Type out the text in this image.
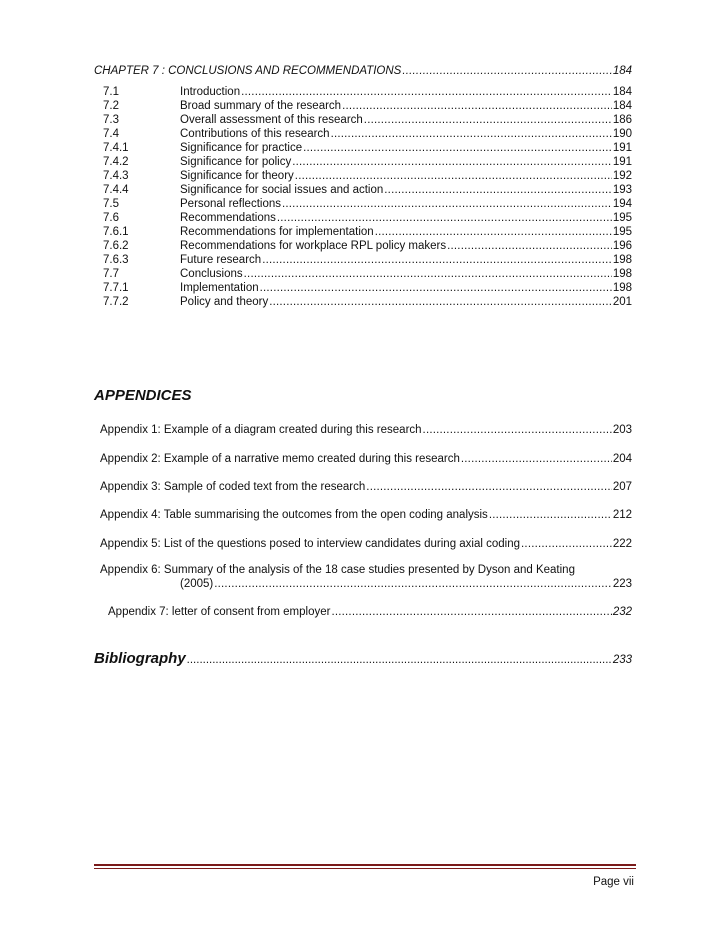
CHAPTER 7 : CONCLUSIONS AND RECOMMENDATIONS .....	184
7.1	Introduction .....	184
7.2	Broad summary of the research .....	184
7.3	Overall assessment of this research .....	186
7.4	Contributions of this research .....	190
7.4.1	Significance for practice .....	191
7.4.2	Significance for policy .....	191
7.4.3	Significance for theory .....	192
7.4.4	Significance for social issues and action .....	193
7.5	Personal reflections .....	194
7.6	Recommendations .....	195
7.6.1	Recommendations for implementation .....	195
7.6.2	Recommendations for workplace RPL policy makers .....	196
7.6.3	Future research .....	198
7.7	Conclusions .....	198
7.7.1	Implementation .....	198
7.7.2	Policy and theory .....	201
APPENDICES
Appendix 1: Example of a diagram created during this research .....	203
Appendix 2: Example of a narrative memo created during this research .....	204
Appendix 3: Sample of coded text from the research .....	207
Appendix 4: Table summarising the outcomes from the open coding analysis .....	212
Appendix 5: List of the questions posed to interview candidates during axial coding .....	222
Appendix 6: Summary of the analysis of the 18 case studies presented by Dyson and Keating
(2005) .....	223
Appendix 7: letter of consent from employer .....	232
Bibliography .....	233
Page vii
